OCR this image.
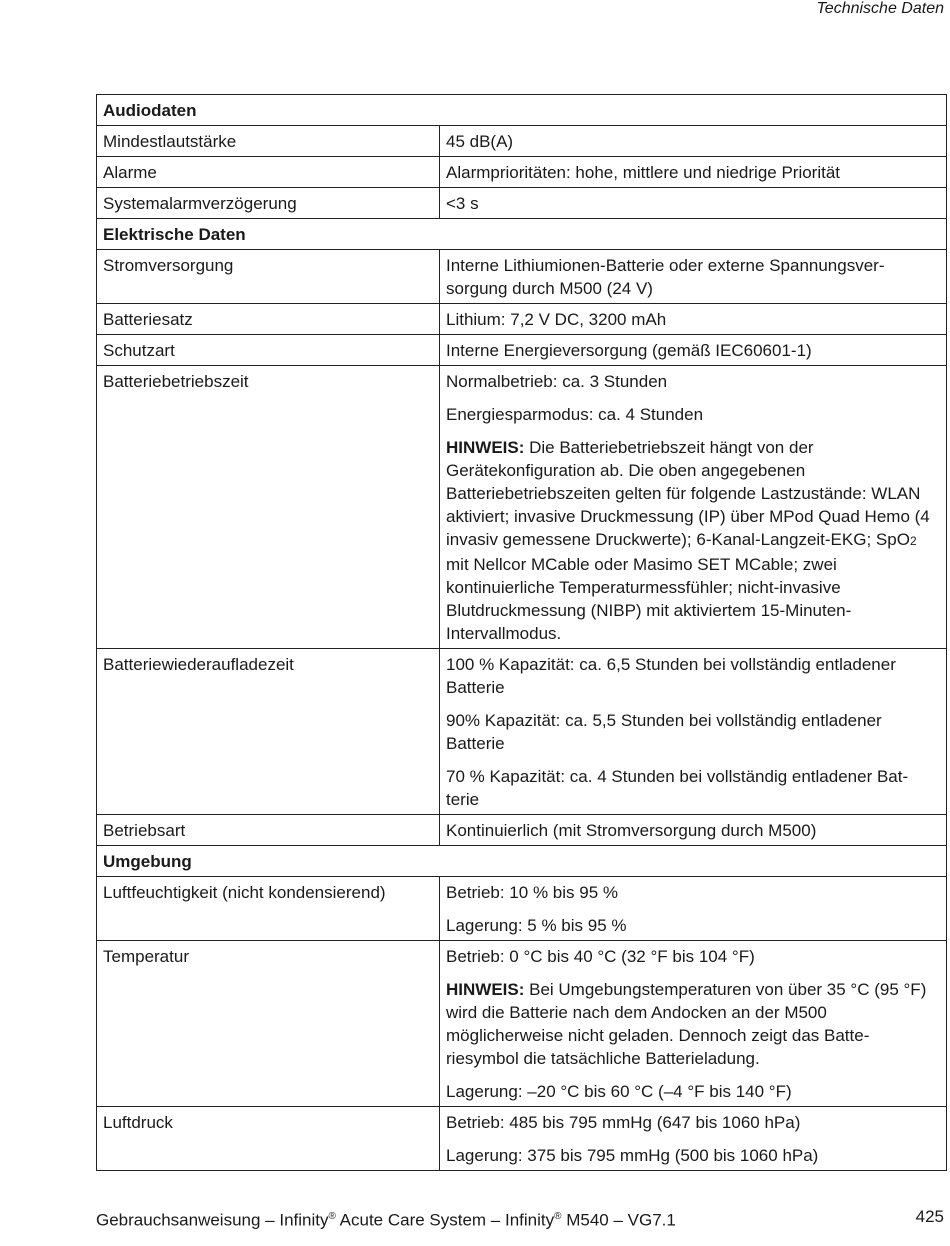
Technische Daten
Audiodaten	
Mindestlautstärke	45 dB(A)
Alarme	Alarmprioritäten: hohe, mittlere und niedrige Priorität
Systemalarmverzögerung	<3 s
Elektrische Daten	
Stromversorgung	Interne Lithiumionen-Batterie oder externe Spannungsver-sorgung durch M500 (24 V)
Batteriesatz	Lithium: 7,2 V DC, 3200 mAh
Schutzart	Interne Energieversorgung (gemäß IEC60601-1)
Batteriebetriebszeit	Normalbetrieb: ca. 3 Stunden

Energiesparmodus: ca. 4 Stunden

HINWEIS: Die Batteriebetriebszeit hängt von der Gerätekonfiguration ab. Die oben angegebenen Batteriebetriebszeiten gelten für folgende Lastzustände: WLAN aktiviert; invasive Druckmessung (IP) über MPod Quad Hemo (4 invasiv gemessene Druckwerte); 6-Kanal-Langzeit-EKG; SpO2 mit Nellcor MCable oder Masimo SET MCable; zwei kontinuierliche Temperaturmessfühler; nicht-invasive Blutdruckmessung (NIBP) mit aktiviertem 15-Minuten-Intervallmodus.

Batteriewiederaufladezeit	100 % Kapazität: ca. 6,5 Stunden bei vollständig entladener Batterie

90% Kapazität: ca. 5,5 Stunden bei vollständig entladener Batterie

70 % Kapazität: ca. 4 Stunden bei vollständig entladener Bat-terie

Betriebsart	Kontinuierlich (mit Stromversorgung durch M500)
Umgebung	
Luftfeuchtigkeit (nicht kondensierend)	Betrieb: 10 % bis 95 %

Lagerung: 5 % bis 95 %

Temperatur	Betrieb: 0 °C bis 40 °C (32 °F bis 104 °F)

HINWEIS: Bei Umgebungstemperaturen von über 35 °C (95 °F) wird die Batterie nach dem Andocken an der M500 möglicherweise nicht geladen. Dennoch zeigt das Batte-riesymbol die tatsächliche Batterieladung.

Lagerung: –20 °C bis 60 °C (–4 °F bis 140 °F)

Luftdruck	Betrieb: 485 bis 795 mmHg (647 bis 1060 hPa)

Lagerung: 375 bis 795 mmHg (500 bis 1060 hPa)

Gebrauchsanweisung – Infinity® Acute Care System – Infinity® M540 – VG7.1	425
